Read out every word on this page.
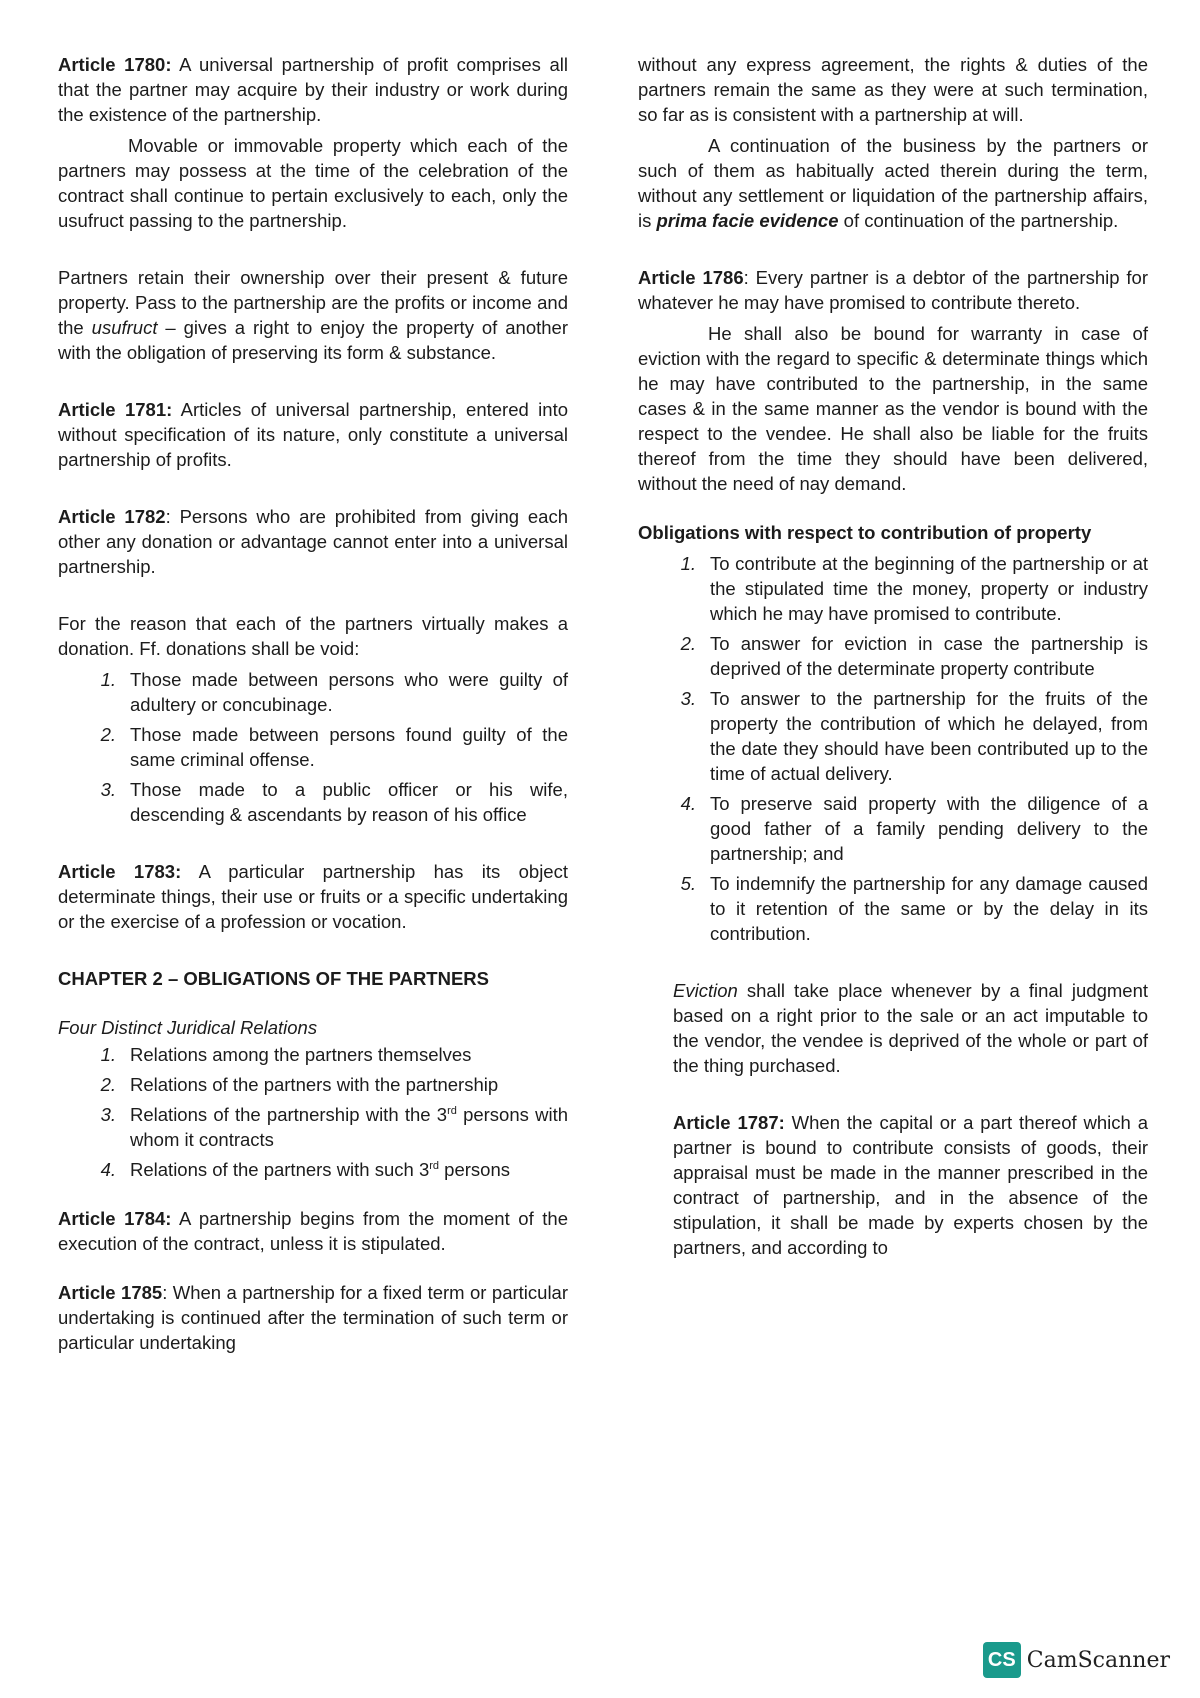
Article 1780: A universal partnership of profit comprises all that the partner may acquire by their industry or work during the existence of the partnership.

Movable or immovable property which each of the partners may possess at the time of the celebration of the contract shall continue to pertain exclusively to each, only the usufruct passing to the partnership.

Partners retain their ownership over their present & future property. Pass to the partnership are the profits or income and the usufruct – gives a right to enjoy the property of another with the obligation of preserving its form & substance.

Article 1781: Articles of universal partnership, entered into without specification of its nature, only constitute a universal partnership of profits.

Article 1782: Persons who are prohibited from giving each other any donation or advantage cannot enter into a universal partnership.

For the reason that each of the partners virtually makes a donation. Ff. donations shall be void:

1. Those made between persons who were guilty of adultery or concubinage.
2. Those made between persons found guilty of the same criminal offense.
3. Those made to a public officer or his wife, descending & ascendants by reason of his office

Article 1783: A particular partnership has its object determinate things, their use or fruits or a specific undertaking or the exercise of a profession or vocation.

CHAPTER 2 – OBLIGATIONS OF THE PARTNERS
Four Distinct Juridical Relations
1. Relations among the partners themselves
2. Relations of the partners with the partnership
3. Relations of the partnership with the 3rd persons with whom it contracts
4. Relations of the partners with such 3rd persons

Article 1784: A partnership begins from the moment of the execution of the contract, unless it is stipulated.

Article 1785: When a partnership for a fixed term or particular undertaking is continued after the termination of such term or particular undertaking

without any express agreement, the rights & duties of the partners remain the same as they were at such termination, so far as is consistent with a partnership at will.

A continuation of the business by the partners or such of them as habitually acted therein during the term, without any settlement or liquidation of the partnership affairs, is prima facie evidence of continuation of the partnership.

Article 1786: Every partner is a debtor of the partnership for whatever he may have promised to contribute thereto.

He shall also be bound for warranty in case of eviction with the regard to specific & determinate things which he may have contributed to the partnership, in the same cases & in the same manner as the vendor is bound with the respect to the vendee. He shall also be liable for the fruits thereof from the time they should have been delivered, without the need of nay demand.

Obligations with respect to contribution of property
1. To contribute at the beginning of the partnership or at the stipulated time the money, property or industry which he may have promised to contribute.
2. To answer for eviction in case the partnership is deprived of the determinate property contribute
3. To answer to the partnership for the fruits of the property the contribution of which he delayed, from the date they should have been contributed up to the time of actual delivery.
4. To preserve said property with the diligence of a good father of a family pending delivery to the partnership; and
5. To indemnify the partnership for any damage caused to it retention of the same or by the delay in its contribution.

Eviction shall take place whenever by a final judgment based on a right prior to the sale or an act imputable to the vendor, the vendee is deprived of the whole or part of the thing purchased.

Article 1787: When the capital or a part thereof which a partner is bound to contribute consists of goods, their appraisal must be made in the manner prescribed in the contract of partnership, and in the absence of the stipulation, it shall be made by experts chosen by the partners, and according to

CS CamScanner
